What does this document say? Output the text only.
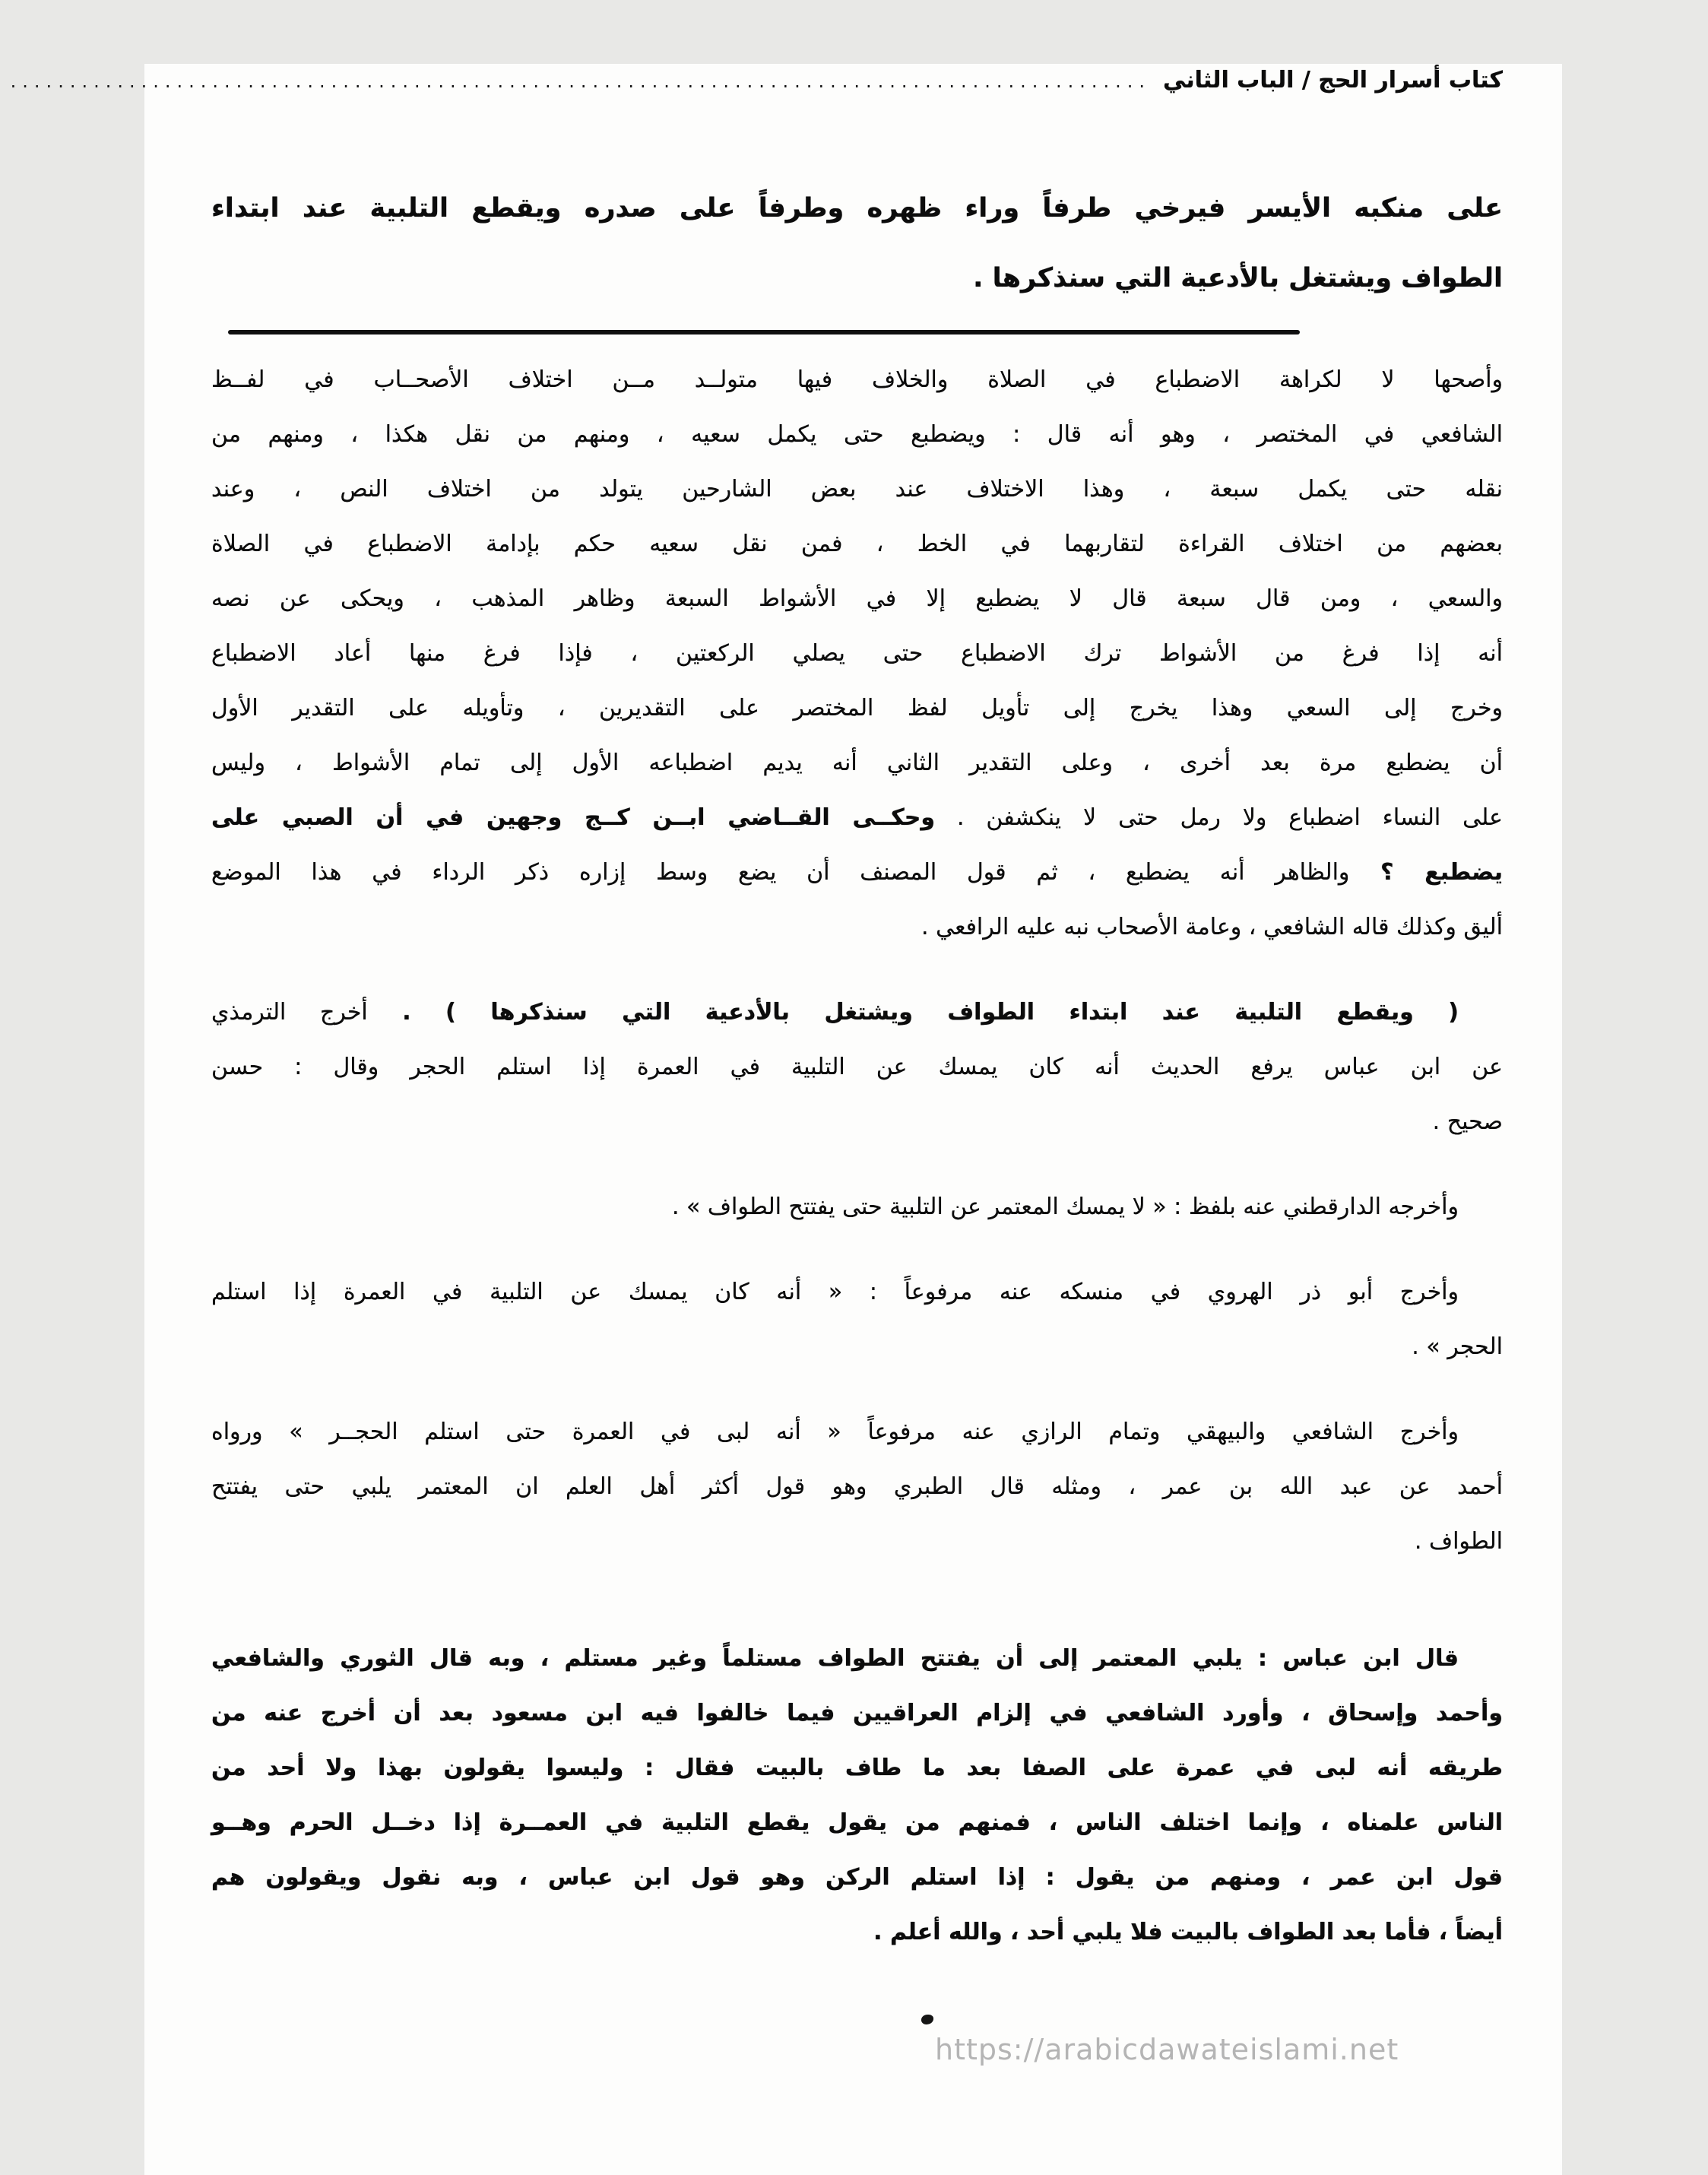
كتاب أسرار الحج / الباب الثاني
................................................................................................
على منكبه الأيسر فيرخي طرفاً وراء ظهره وطرفاً على صدره ويقطع التلبية عند ابتداء
الطواف ويشتغل بالأدعية التي سنذكرها .
وأصحها لا لكراهة الاضطباع في الصلاة والخلاف فيها متولــد مــن اختلاف الأصحــاب في لفــظ
الشافعي في المختصر ، وهو أنه قال : ويضطبع حتى يكمل سعيه ، ومنهم من نقل هكذا ، ومنهم من
نقله حتى يكمل سبعة ، وهذا الاختلاف عند بعض الشارحين يتولد من اختلاف النص ، وعند
بعضهم من اختلاف القراءة لتقاربهما في الخط ، فمن نقل سعيه حكم بإدامة الاضطباع في الصلاة
والسعي ، ومن قال سبعة قال لا يضطبع إلا في الأشواط السبعة وظاهر المذهب ، ويحكى عن نصه
أنه إذا فرغ من الأشواط ترك الاضطباع حتى يصلي الركعتين ، فإذا فرغ منها أعاد الاضطباع
وخرج إلى السعي وهذا يخرج إلى تأويل لفظ المختصر على التقديرين ، وتأويله على التقدير الأول
أن يضطبع مرة بعد أخرى ، وعلى التقدير الثاني أنه يديم اضطباعه الأول إلى تمام الأشواط ، وليس
على النساء اضطباع ولا رمل حتى لا ينكشفن . وحكــى القــاضي ابــن كــج وجهين في أن الصبي على
يضطبع ؟ والظاهر أنه يضطبع ، ثم قول المصنف أن يضع وسط إزاره ذكر الرداء في هذا الموضع
أليق وكذلك قاله الشافعي ، وعامة الأصحاب نبه عليه الرافعي .
( ويقطع التلبية عند ابتداء الطواف ويشتغل بالأدعية التي سنذكرها ) . أخرج الترمذي
عن ابن عباس يرفع الحديث أنه كان يمسك عن التلبية في العمرة إذا استلم الحجر وقال : حسن
صحيح .
وأخرجه الدارقطني عنه بلفظ : « لا يمسك المعتمر عن التلبية حتى يفتتح الطواف » .
وأخرج أبو ذر الهروي في منسكه عنه مرفوعاً : « أنه كان يمسك عن التلبية في العمرة إذا استلم
الحجر » .
وأخرج الشافعي والبيهقي وتمام الرازي عنه مرفوعاً « أنه لبى في العمرة حتى استلم الحجــر » ورواه
أحمد عن عبد الله بن عمر ، ومثله قال الطبري وهو قول أكثر أهل العلم ان المعتمر يلبي حتى يفتتح
الطواف .
قال ابن عباس : يلبي المعتمر إلى أن يفتتح الطواف مستلماً وغير مستلم ، وبه قال الثوري والشافعي
وأحمد وإسحاق ، وأورد الشافعي في إلزام العراقيين فيما خالفوا فيه ابن مسعود بعد أن أخرج عنه من
طريقه أنه لبى في عمرة على الصفا بعد ما طاف بالبيت فقال : وليسوا يقولون بهذا ولا أحد من
الناس علمناه ، وإنما اختلف الناس ، فمنهم من يقول يقطع التلبية في العمــرة إذا دخــل الحرم وهــو
قول ابن عمر ، ومنهم من يقول : إذا استلم الركن وهو قول ابن عباس ، وبه نقول ويقولون هم
أيضاً ، فأما بعد الطواف بالبيت فلا يلبي أحد ، والله أعلم .
https://arabicdawateislami.net
